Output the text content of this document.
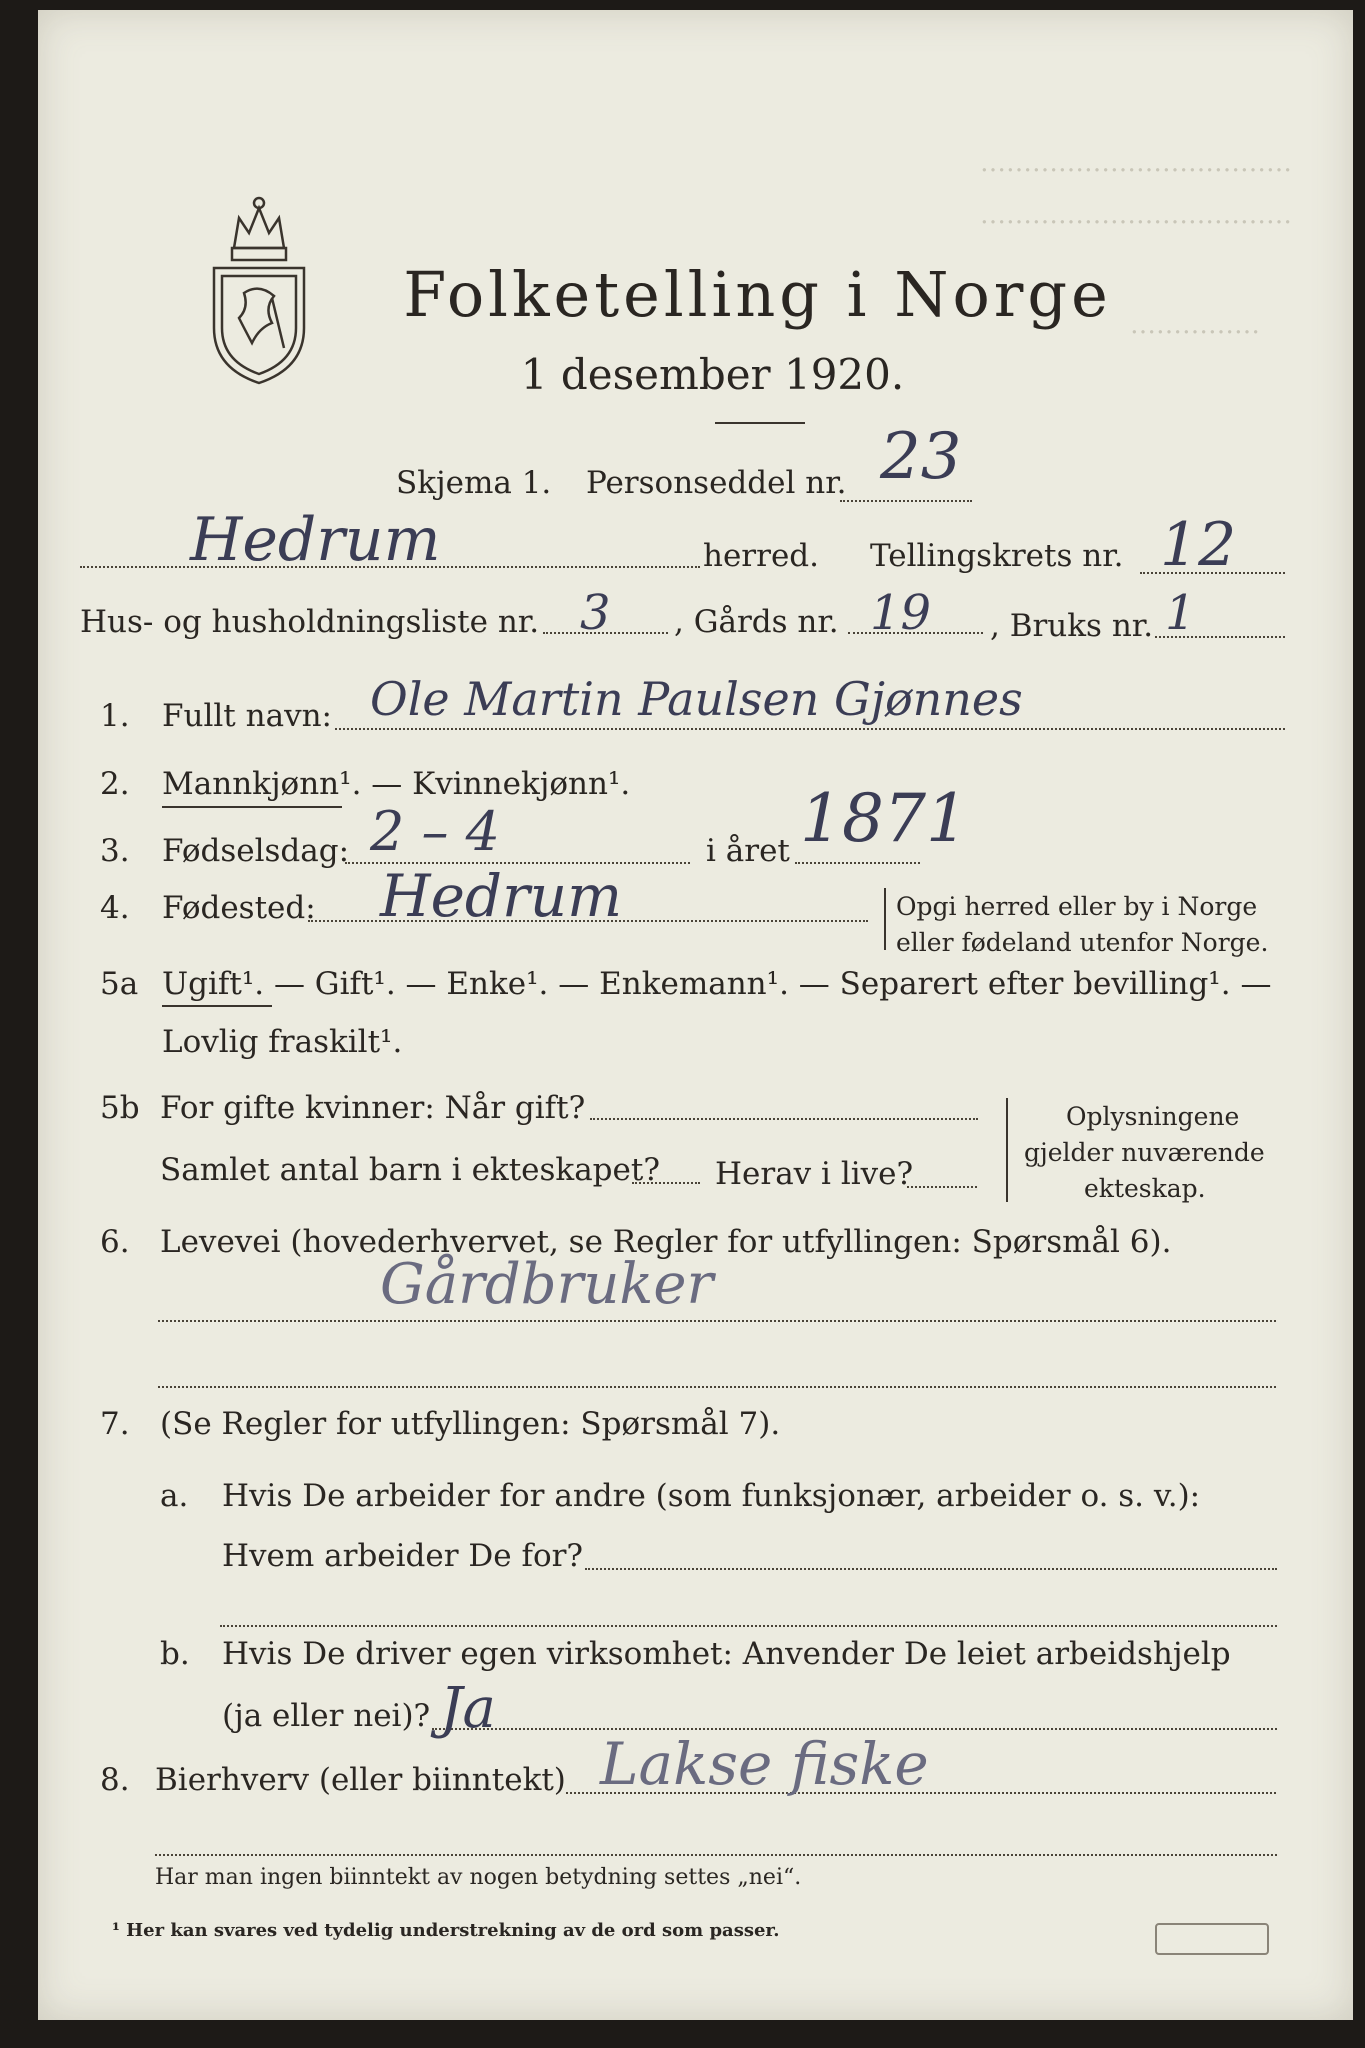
………………………………
………………………………
……………
Folketelling i Norge
1 desember 1920.
Skjema 1. Personseddel nr. 23
Hedrum	herred. Tellingskrets nr. 12
Hus- og husholdningsliste nr. 3 , Gårds nr. 19 , Bruks nr. 1
1. Fullt navn: Ole Martin Paulsen Gjønnes
2. Mannkjønn¹. — Kvinnekjønn¹.
3. Fødselsdag: 2 – 4	i året 1871
4. Fødested: Hedrum	Opgi herred eller by i Norge
eller fødeland utenfor Norge.
5a Ugift¹. — Gift¹. — Enke¹. — Enkemann¹. — Separert efter bevilling¹. —
Lovlig fraskilt¹.
5b For gifte kvinner: Når gift?
Samlet antal barn i ekteskapet? Herav i live?
Oplysningene
gjelder nuværende
ekteskap.
6. Levevei (hovederhvervet, se Regler for utfyllingen: Spørsmål 6).
Gårdbruker
7. (Se Regler for utfyllingen: Spørsmål 7).
a. Hvis De arbeider for andre (som funksjonær, arbeider o. s. v.):
Hvem arbeider De for?
b. Hvis De driver egen virksomhet: Anvender De leiet arbeidshjelp
(ja eller nei)? Ja
8. Bierhverv (eller biinntekt) Lakse fiske
Har man ingen biinntekt av nogen betydning settes „nei“.
¹ Her kan svares ved tydelig understrekning av de ord som passer.
